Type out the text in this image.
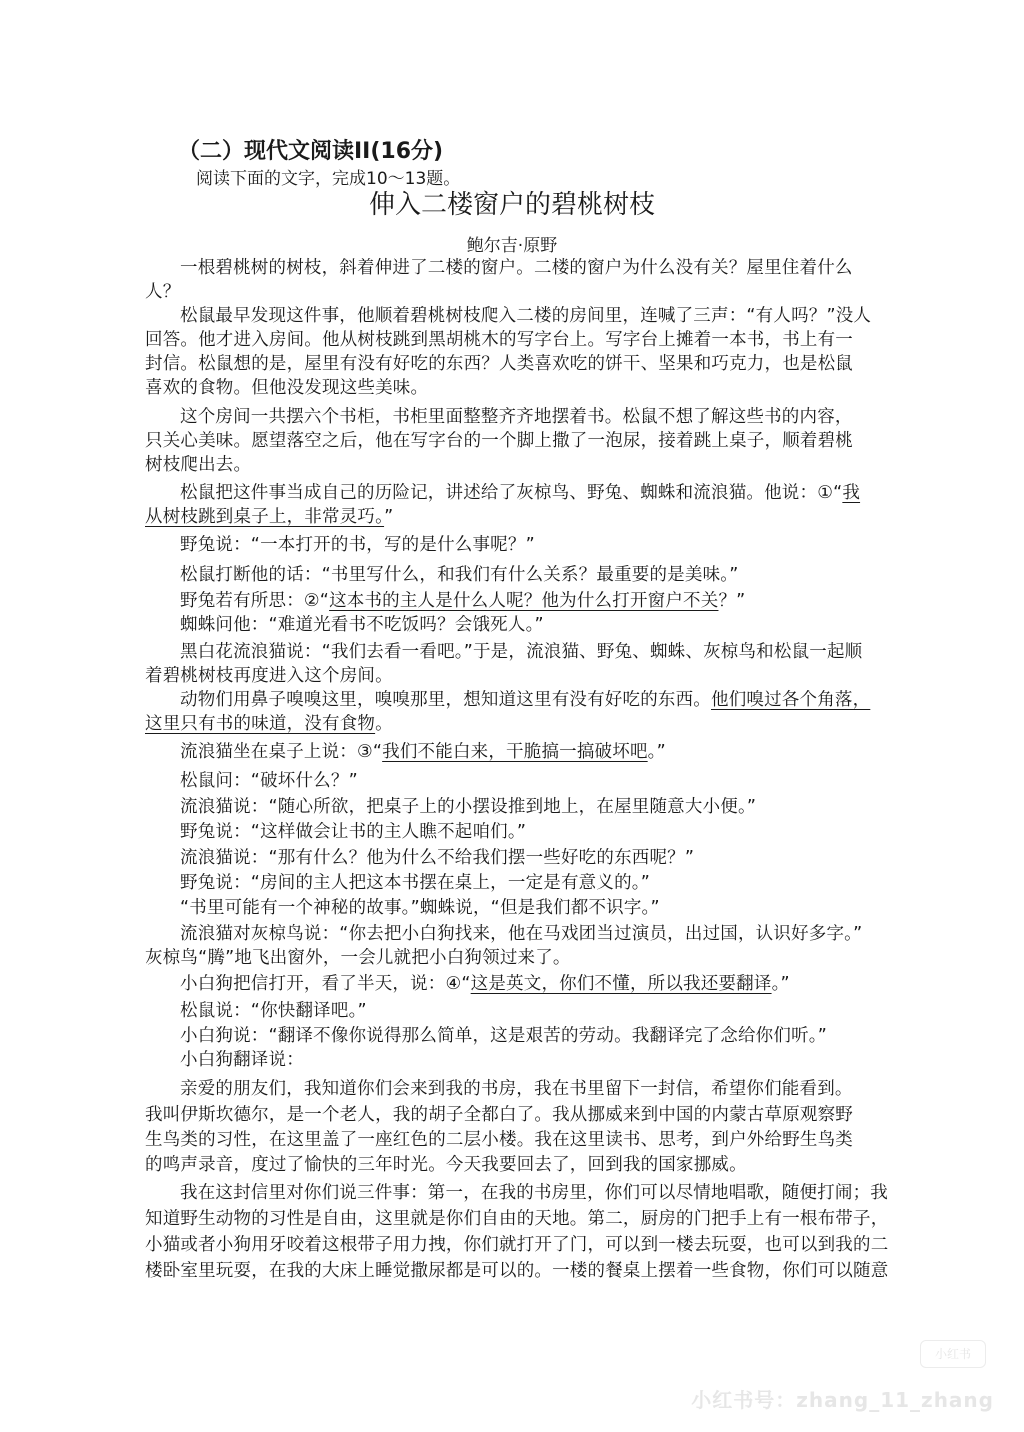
（二）现代文阅读II(16分)
阅读下面的文字，完成10～13题。
伸入二楼窗户的碧桃树枝
鲍尔吉·原野
一根碧桃树的树枝，斜着伸进了二楼的窗户。二楼的窗户为什么没有关？屋里住着什么
人？
松鼠最早发现这件事，他顺着碧桃树枝爬入二楼的房间里，连喊了三声：“有人吗？”没人
回答。他才进入房间。他从树枝跳到黑胡桃木的写字台上。写字台上摊着一本书，书上有一
封信。松鼠想的是，屋里有没有好吃的东西？人类喜欢吃的饼干、坚果和巧克力，也是松鼠
喜欢的食物。但他没发现这些美味。
这个房间一共摆六个书柜，书柜里面整整齐齐地摆着书。松鼠不想了解这些书的内容，
只关心美味。愿望落空之后，他在写字台的一个脚上撒了一泡尿，接着跳上桌子，顺着碧桃
树枝爬出去。
松鼠把这件事当成自己的历险记，讲述给了灰椋鸟、野兔、蜘蛛和流浪猫。他说：①“我
从树枝跳到桌子上，非常灵巧。”
野兔说：“一本打开的书，写的是什么事呢？”
松鼠打断他的话：“书里写什么，和我们有什么关系？最重要的是美味。”
野兔若有所思：②“这本书的主人是什么人呢？他为什么打开窗户不关？”
蜘蛛问他：“难道光看书不吃饭吗？会饿死人。”
黑白花流浪猫说：“我们去看一看吧。”于是，流浪猫、野兔、蜘蛛、灰椋鸟和松鼠一起顺
着碧桃树枝再度进入这个房间。
动物们用鼻子嗅嗅这里，嗅嗅那里，想知道这里有没有好吃的东西。他们嗅过各个角落，
这里只有书的味道，没有食物。
流浪猫坐在桌子上说：③“我们不能白来，干脆搞一搞破坏吧。”
松鼠问：“破坏什么？”
流浪猫说：“随心所欲，把桌子上的小摆设推到地上，在屋里随意大小便。”
野兔说：“这样做会让书的主人瞧不起咱们。”
流浪猫说：“那有什么？他为什么不给我们摆一些好吃的东西呢？”
野兔说：“房间的主人把这本书摆在桌上，一定是有意义的。”
“书里可能有一个神秘的故事。”蜘蛛说，“但是我们都不识字。”
流浪猫对灰椋鸟说：“你去把小白狗找来，他在马戏团当过演员，出过国，认识好多字。”
灰椋鸟“腾”地飞出窗外，一会儿就把小白狗领过来了。
小白狗把信打开，看了半天，说：④“这是英文，你们不懂，所以我还要翻译。”
松鼠说：“你快翻译吧。”
小白狗说：“翻译不像你说得那么简单，这是艰苦的劳动。我翻译完了念给你们听。”
小白狗翻译说：
亲爱的朋友们，我知道你们会来到我的书房，我在书里留下一封信，希望你们能看到。
我叫伊斯坎德尔，是一个老人，我的胡子全都白了。我从挪威来到中国的内蒙古草原观察野
生鸟类的习性，在这里盖了一座红色的二层小楼。我在这里读书、思考，到户外给野生鸟类
的鸣声录音，度过了愉快的三年时光。今天我要回去了，回到我的国家挪威。
我在这封信里对你们说三件事：第一，在我的书房里，你们可以尽情地唱歌，随便打闹；我
知道野生动物的习性是自由，这里就是你们自由的天地。第二，厨房的门把手上有一根布带子，
小猫或者小狗用牙咬着这根带子用力拽，你们就打开了门，可以到一楼去玩耍，也可以到我的二
楼卧室里玩耍，在我的大床上睡觉撒尿都是可以的。一楼的餐桌上摆着一些食物，你们可以随意
小红书
小红书号：zhang_11_zhang
